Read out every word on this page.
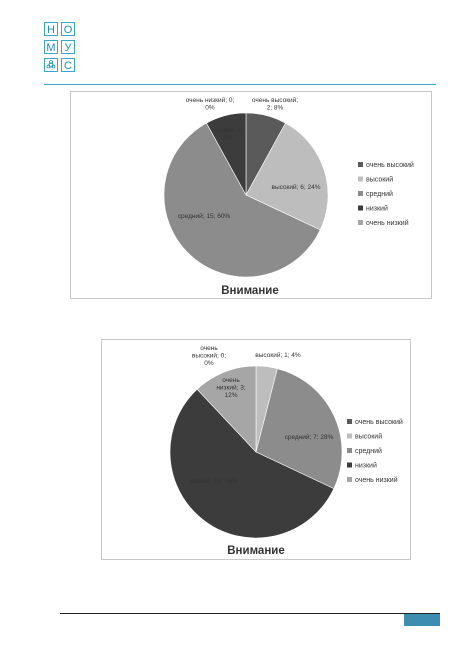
Н О
М У
С
очень высокий; 2; 8%
высокий; 6; 24%
средний; 15; 60%
низкий; 2; 8%
очень низкий; 0; 0%
очень высокий
высокий
средний
низкий
очень низкий
Внимание
очень высокий; 0; 0%
высокий; 1; 4%
средний; 7; 28%
низкий; 14; 56%
очень низкий; 3; 12%
очень высокий
высокий
средний
низкий
очень низкий
Внимание
